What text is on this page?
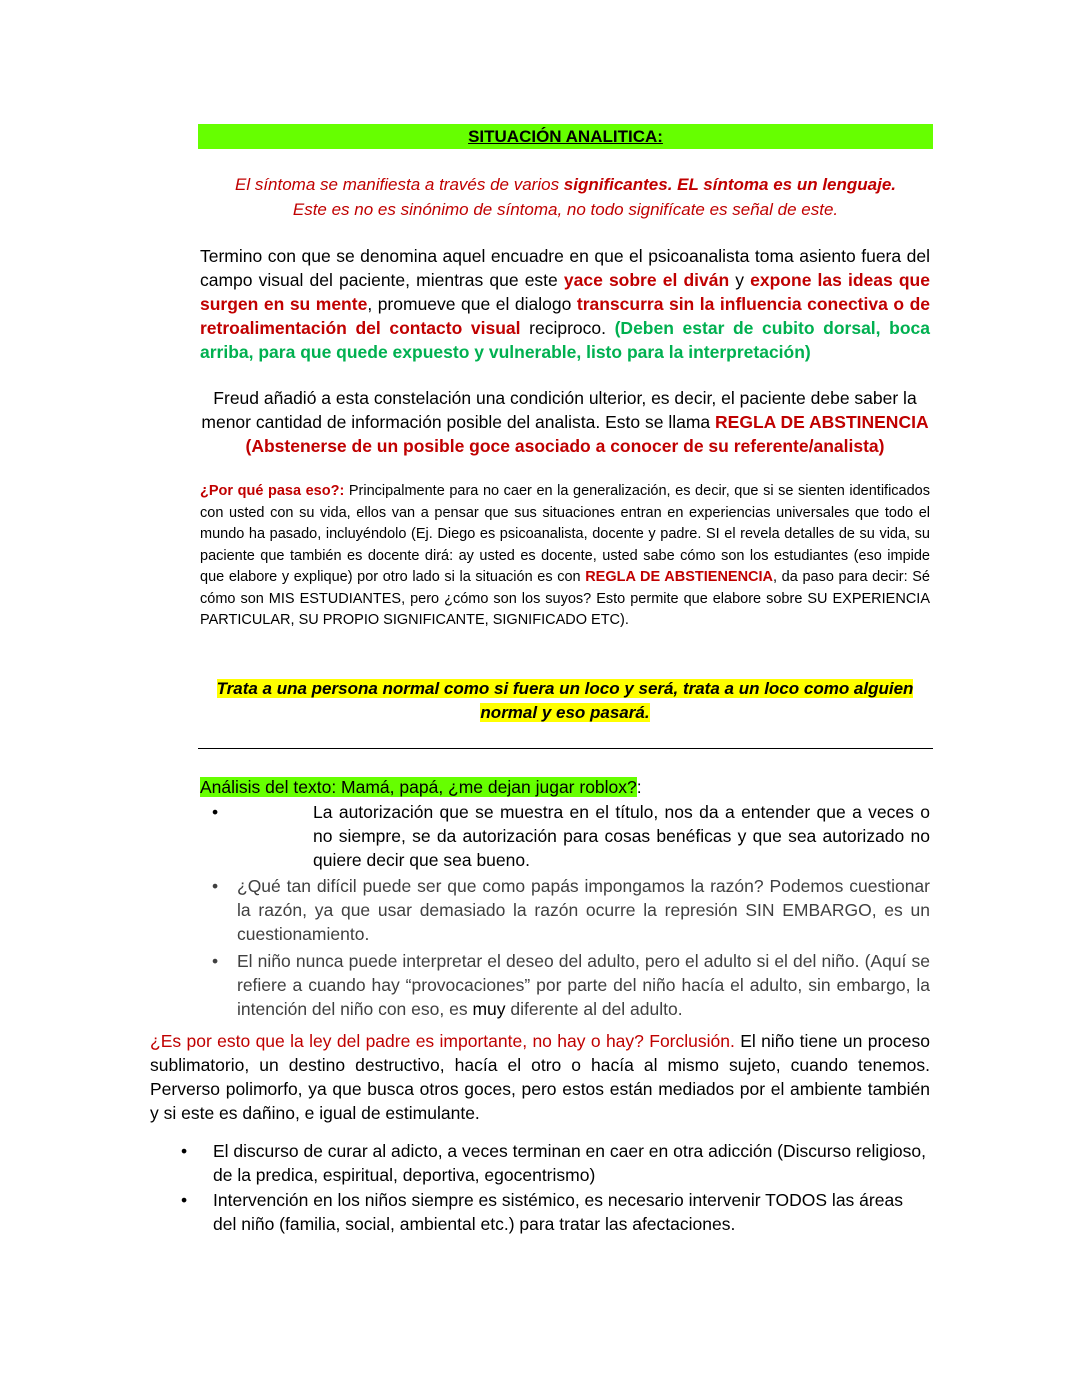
SITUACIÓN ANALITICA:
El síntoma se manifiesta a través de varios significantes. EL síntoma es un lenguaje.
Este es no es sinónimo de síntoma, no todo signifícate es señal de este.
Termino con que se denomina aquel encuadre en que el psicoanalista toma asiento fuera del campo visual del paciente, mientras que este yace sobre el diván y expone las ideas que surgen en su mente, promueve que el dialogo transcurra sin la influencia conectiva o de retroalimentación del contacto visual reciproco. (Deben estar de cubito dorsal, boca arriba, para que quede expuesto y vulnerable, listo para la interpretación)
Freud añadió a esta constelación una condición ulterior, es decir, el paciente debe saber la menor cantidad de información posible del analista. Esto se llama REGLA DE ABSTINENCIA
(Abstenerse de un posible goce asociado a conocer de su referente/analista)
¿Por qué pasa eso?: Principalmente para no caer en la generalización, es decir, que si se sienten identificados con usted con su vida, ellos van a pensar que sus situaciones entran en experiencias universales que todo el mundo ha pasado, incluyéndolo (Ej. Diego es psicoanalista, docente y padre. SI el revela detalles de su vida, su paciente que también es docente dirá: ay usted es docente, usted sabe cómo son los estudiantes (eso impide que elabore y explique) por otro lado si la situación es con REGLA DE ABSTIENENCIA, da paso para decir: Sé cómo son MIS ESTUDIANTES, pero ¿cómo son los suyos? Esto permite que elabore sobre SU EXPERIENCIA PARTICULAR, SU PROPIO SIGNIFICANTE, SIGNIFICADO ETC).
Trata a una persona normal como si fuera un loco y será, trata a un loco como alguien
normal y eso pasará.
Análisis del texto: Mamá, papá, ¿me dejan jugar roblox?:
•	La autorización que se muestra en el título, nos da a entender que a veces o no siempre, se da autorización para cosas benéficas y que sea autorizado no quiere decir que sea bueno.
• ¿Qué tan difícil puede ser que como papás impongamos la razón? Podemos cuestionar la razón, ya que usar demasiado la razón ocurre la represión SIN EMBARGO, es un cuestionamiento.
• El niño nunca puede interpretar el deseo del adulto, pero el adulto si el del niño. (Aquí se refiere a cuando hay “provocaciones” por parte del niño hacía el adulto, sin embargo, la intención del niño con eso, es muy diferente al del adulto.
¿Es por esto que la ley del padre es importante, no hay o hay? Forclusión. El niño tiene un proceso sublimatorio, un destino destructivo, hacía el otro o hacía al mismo sujeto, cuando tenemos. Perverso polimorfo, ya que busca otros goces, pero estos están mediados por el ambiente también y si este es dañino, e igual de estimulante.
• El discurso de curar al adicto, a veces terminan en caer en otra adicción (Discurso religioso, de la predica, espiritual, deportiva, egocentrismo)
• Intervención en los niños siempre es sistémico, es necesario intervenir TODOS las áreas del niño (familia, social, ambiental etc.) para tratar las afectaciones.
